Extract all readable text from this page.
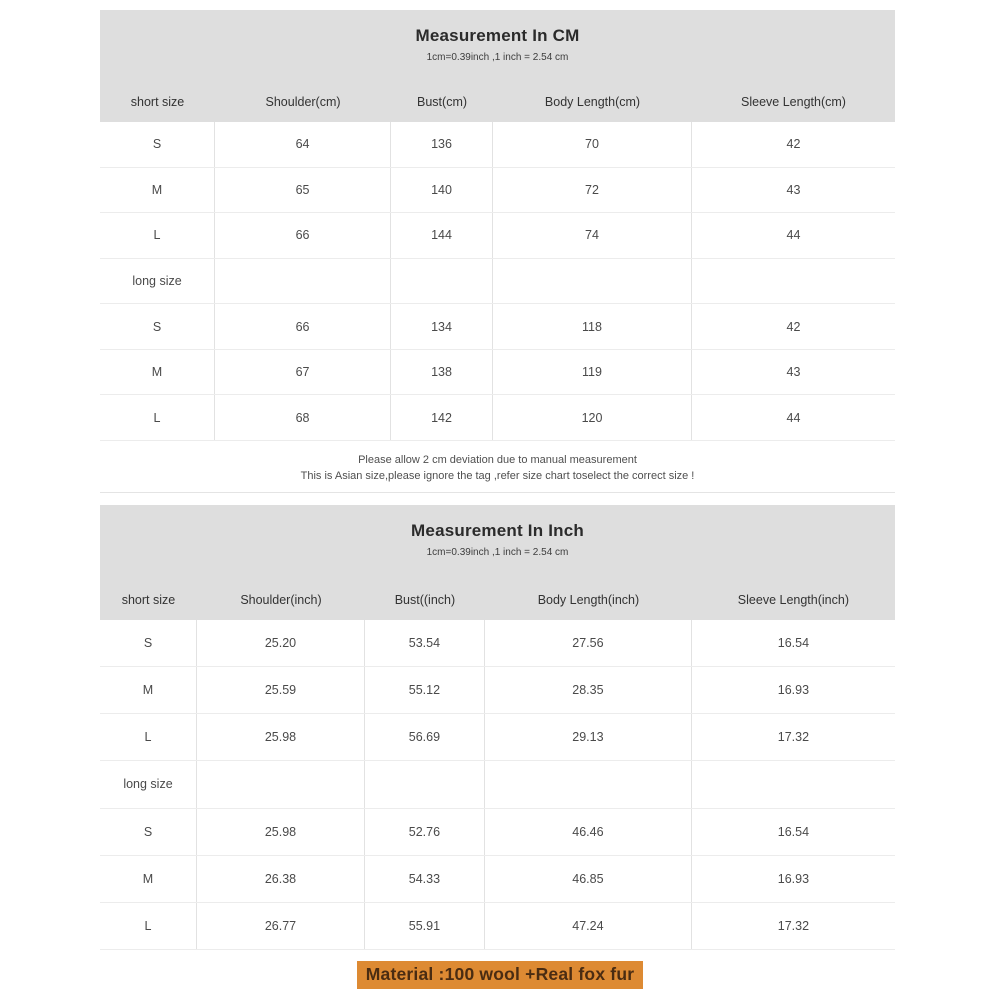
Measurement In CM
1cm=0.39inch ,1 inch = 2.54 cm
short size	Shoulder(cm)	Bust(cm)	Body Length(cm)	Sleeve Length(cm)
S	64	136	70	42
M	65	140	72	43
L	66	144	74	44
long size
S	66	134	118	42
M	67	138	119	43
L	68	142	120	44
Please allow 2 cm deviation due to manual measurement
This is Asian size,please ignore the tag ,refer size chart toselect the correct size !
Measurement In Inch
1cm=0.39inch ,1 inch = 2.54 cm
short size	Shoulder(inch)	Bust((inch)	Body Length(inch)	Sleeve Length(inch)
S	25.20	53.54	27.56	16.54
M	25.59	55.12	28.35	16.93
L	25.98	56.69	29.13	17.32
long size
S	25.98	52.76	46.46	16.54
M	26.38	54.33	46.85	16.93
L	26.77	55.91	47.24	17.32
Material :100 wool +Real fox fur
